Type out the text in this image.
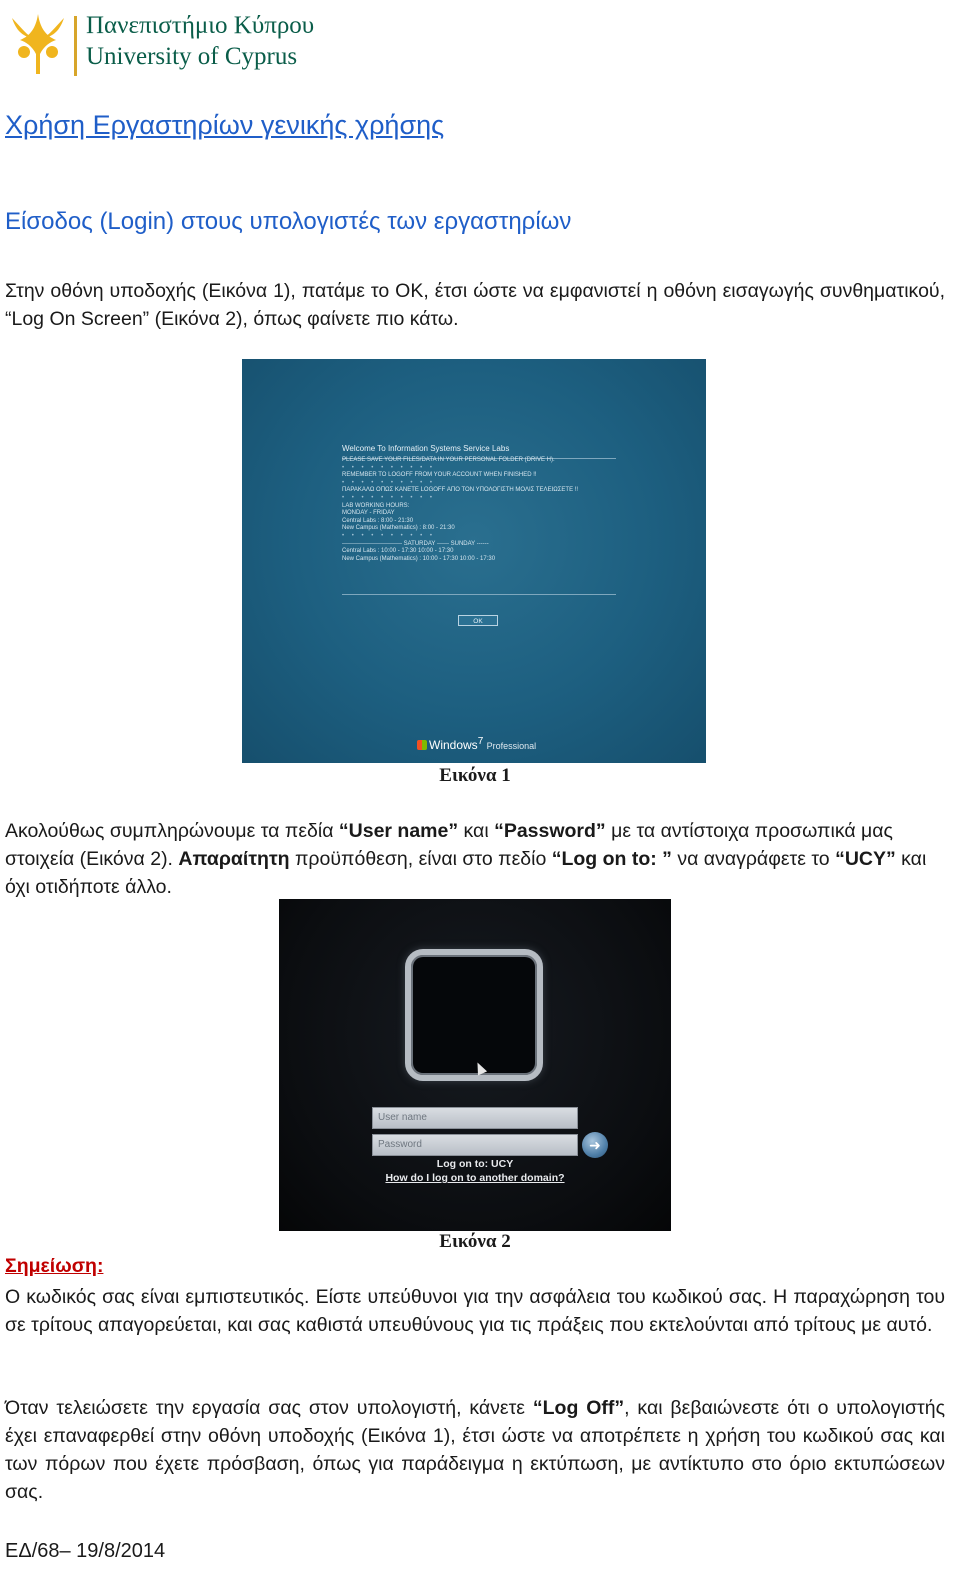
Πανεπιστήμιο Κύπρου
University of Cyprus
Χρήση Εργαστηρίων γενικής χρήσης
Είσοδος (Login) στους υπολογιστές των εργαστηρίων

Στην οθόνη υποδοχής (Εικόνα 1), πατάμε το ΟΚ, έτσι ώστε να εμφανιστεί η οθόνη εισαγωγής συνθηματικού, “Log On Screen” (Εικόνα 2), όπως φαίνετε πιο κάτω.

Welcome To Information Systems Service Labs
PLEASE SAVE YOUR FILES/DATA IN YOUR PERSONAL FOLDER (DRIVE H).
• • • • • • • • • •
REMEMBER TO LOGOFF FROM YOUR ACCOUNT WHEN FINISHED !!
• • • • • • • • • •
ΠΑΡΑΚΑΛΩ ΟΠΩΣ ΚΑΝΕΤΕ LOGOFF ΑΠΟ ΤΟΝ ΥΠΟΛΟΓΙΣΤΗ ΜΟΛΙΣ ΤΕΛΕΙΩΣΕΤΕ !!
• • • • • • • • • •
LAB WORKING HOURS:
MONDAY - FRIDAY
Central Labs : 8:00 - 21:30
New Campus (Mathematics) : 8:00 - 21:30
• • • • • • • • • •
------------------------------ SATURDAY ------ SUNDAY ------
Central Labs : 10:00 - 17:30 10:00 - 17:30
New Campus (Mathematics) : 10:00 - 17:30 10:00 - 17:30
OK
Windows$^7$ Professional

Εικόνα 1

Ακολούθως συμπληρώνουμε τα πεδία “User name” και “Password” με τα αντίστοιχα προσωπικά μας στοιχεία (Εικόνα 2). Απαραίτητη προϋπόθεση, είναι στο πεδίο “Log on to: ” να αναγράφετε το “UCY” και όχι οτιδήποτε άλλο.

User name
Password	➜
Log on to: UCY
How do I log on to another domain?

Εικόνα 2

Σημείωση:

Ο κωδικός σας είναι εμπιστευτικός. Είστε υπεύθυνοι για την ασφάλεια του κωδικού σας. Η παραχώρηση του σε τρίτους απαγορεύεται, και σας καθιστά υπευθύνους για τις πράξεις που εκτελούνται από τρίτους με αυτό.

Όταν τελειώσετε την εργασία σας στον υπολογιστή, κάνετε “Log Off”, και βεβαιώνεστε ότι ο υπολογιστής έχει επαναφερθεί στην οθόνη υποδοχής (Εικόνα 1), έτσι ώστε να αποτρέπετε η χρήση του κωδικού σας και των πόρων που έχετε πρόσβαση, όπως για παράδειγμα η εκτύπωση, με αντίκτυπο στο όριο εκτυπώσεων σας.

ΕΔ/68– 19/8/2014
